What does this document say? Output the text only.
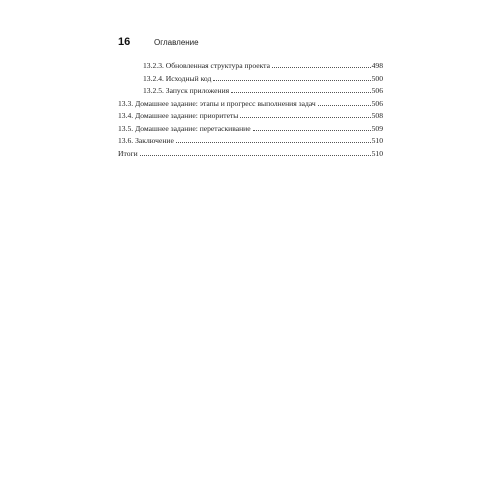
16	Оглавление
13.2.3. Обновленная структура проекта	498
13.2.4. Исходный код	500
13.2.5. Запуск приложения	506
13.3. Домашнее задание: этапы и прогресс выполнения задач	506
13.4. Домашнее задание: приоритеты	508
13.5. Домашнее задание: перетаскивание	509
13.6. Заключение	510
Итоги	510
